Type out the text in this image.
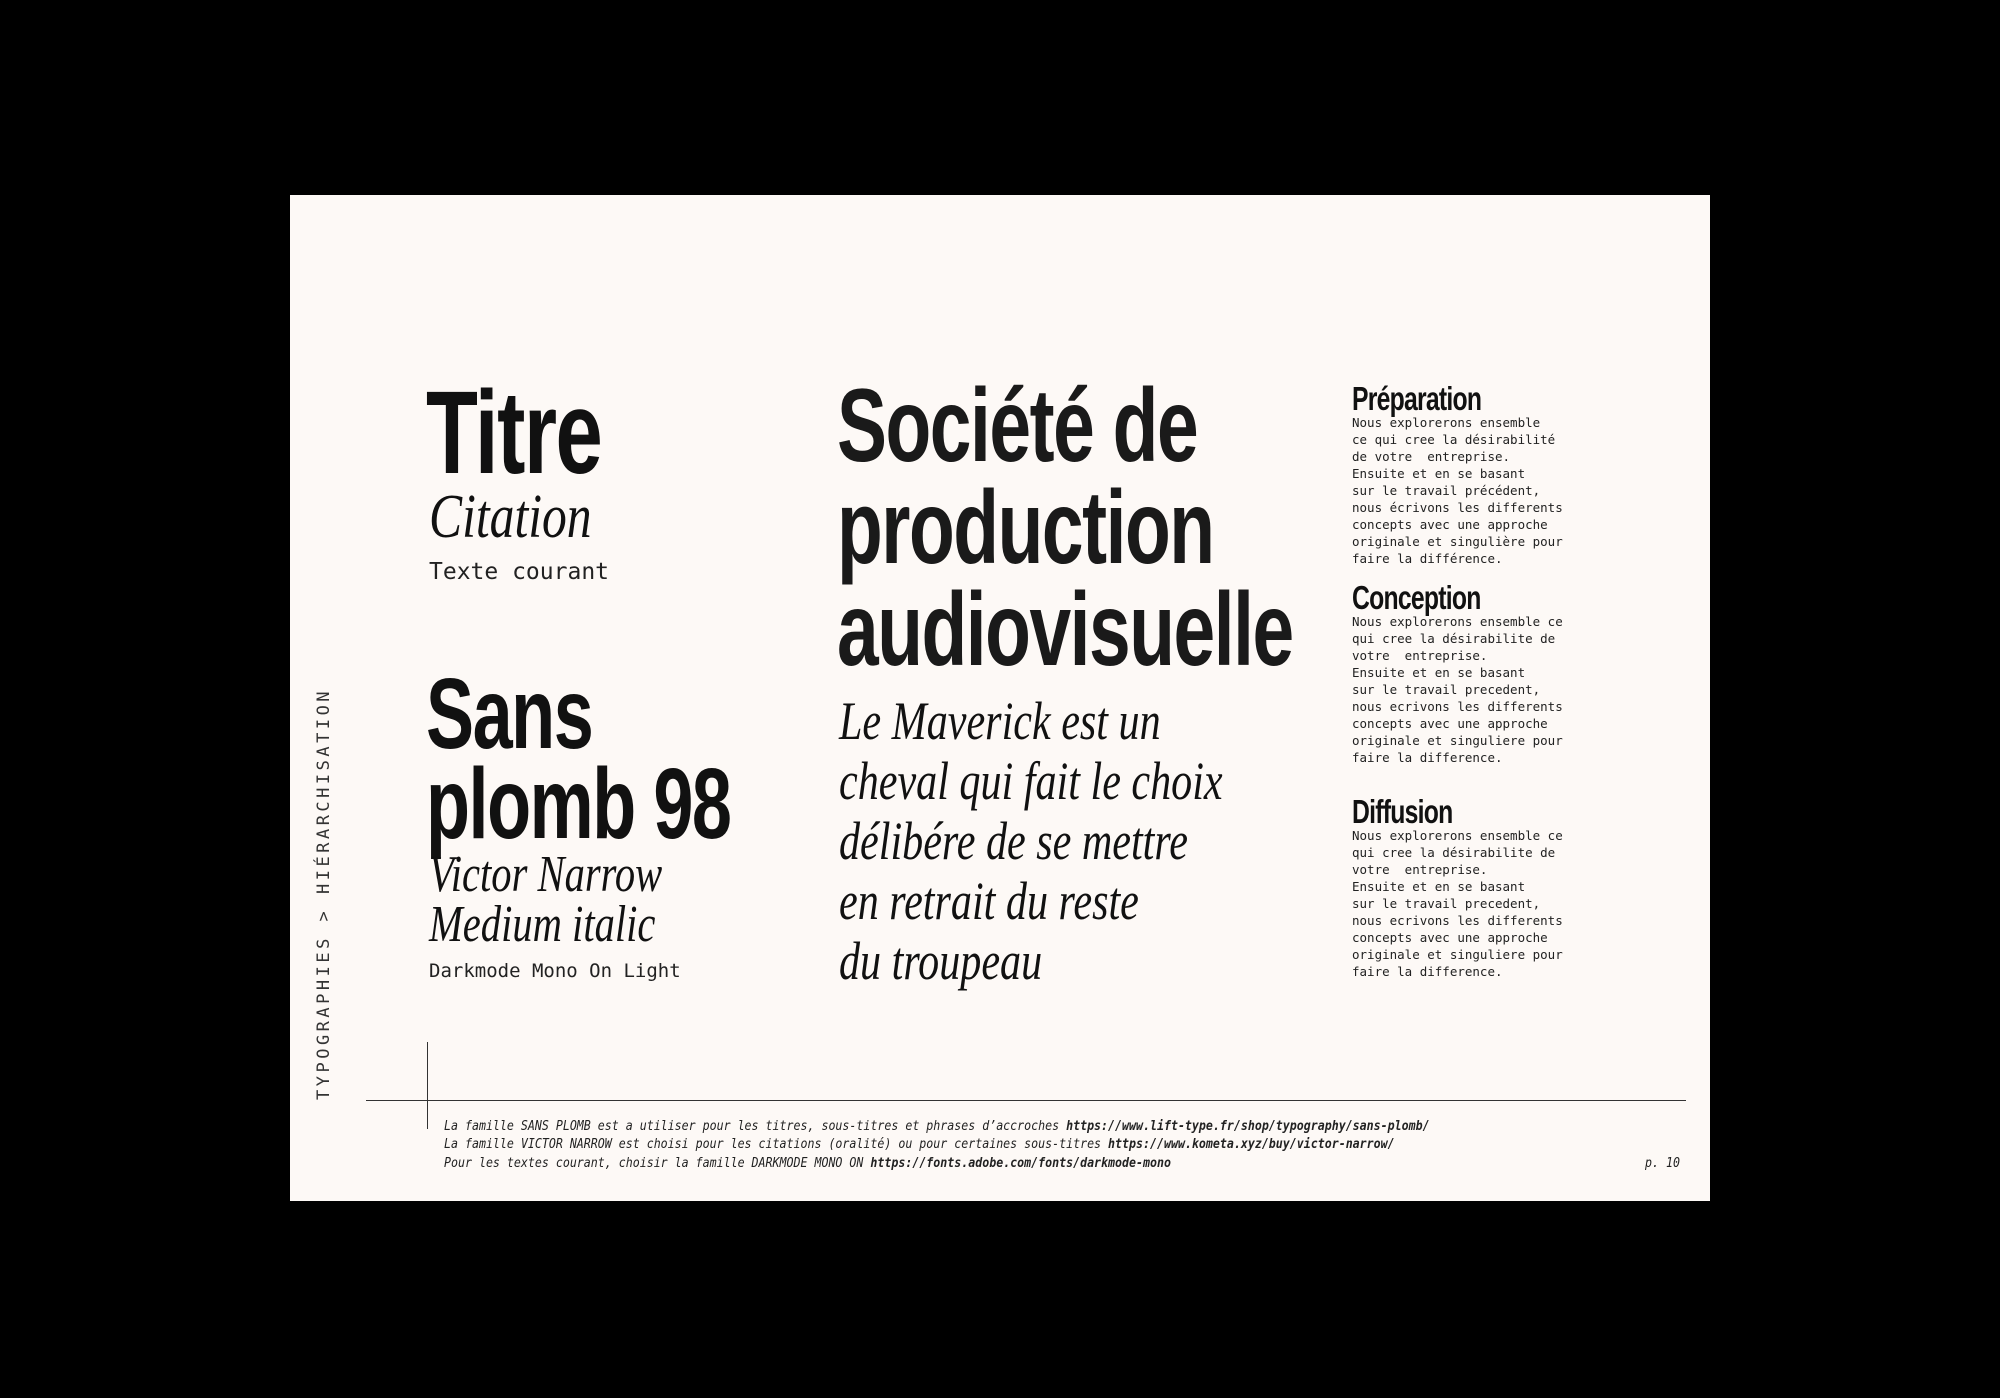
TYPOGRAPHIES > HIÉRARCHISATION
Titre
Citation
Texte courant
Sans
plomb 98
Victor Narrow
Medium italic
Darkmode Mono On Light
Société de
production
audiovisuelle
Le Maverick est un
cheval qui fait le choix
délibére de se mettre
en retrait du reste
du troupeau
Préparation
Nous explorerons ensemble
ce qui cree la désirabilité
de votre  entreprise.
Ensuite et en se basant
sur le travail précédent,
nous écrivons les differents
concepts avec une approche
originale et singulière pour
faire la différence.
Conception
Nous explorerons ensemble ce
qui cree la désirabilite de
votre  entreprise.
Ensuite et en se basant
sur le travail precedent,
nous ecrivons les differents
concepts avec une approche
originale et singuliere pour
faire la difference.
Diffusion
Nous explorerons ensemble ce
qui cree la désirabilite de
votre  entreprise.
Ensuite et en se basant
sur le travail precedent,
nous ecrivons les differents
concepts avec une approche
originale et singuliere pour
faire la difference.
La famille SANS PLOMB est a utiliser pour les titres, sous-titres et phrases d’accroches https://www.lift-type.fr/shop/typography/sans-plomb/
La famille VICTOR NARROW est choisi pour les citations (oralité) ou pour certaines sous-titres https://www.kometa.xyz/buy/victor-narrow/
Pour les textes courant, choisir la famille DARKMODE MONO ON https://fonts.adobe.com/fonts/darkmode-mono	p. 10
